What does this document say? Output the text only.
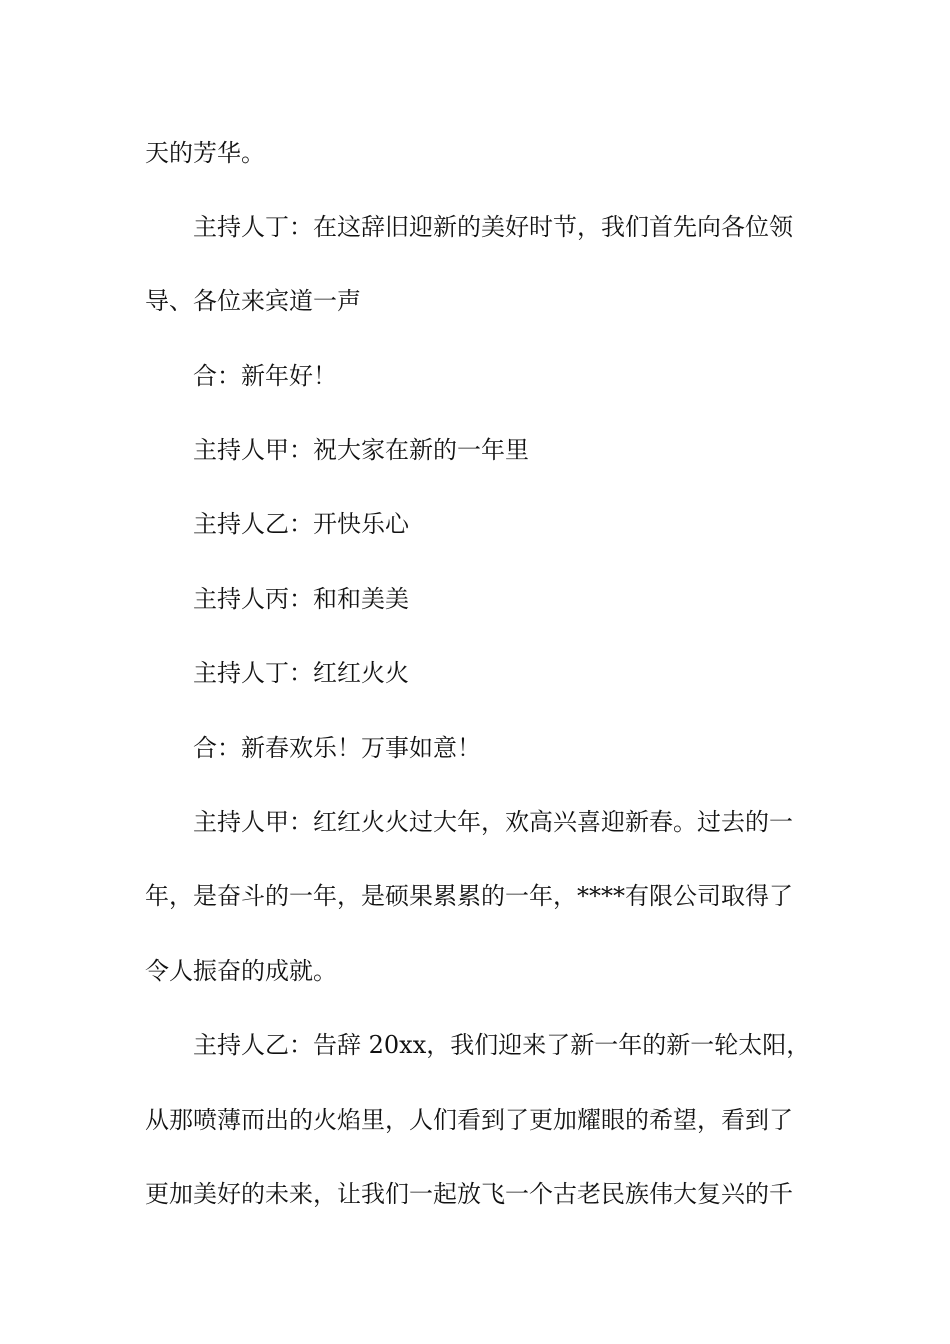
天的芳华。
主持人丁：在这辞旧迎新的美好时节，我们首先向各位领
导、各位来宾道一声
合：新年好！
主持人甲：祝大家在新的一年里
主持人乙：开快乐心
主持人丙：和和美美
主持人丁：红红火火
合：新春欢乐！万事如意！
主持人甲：红红火火过大年，欢高兴喜迎新春。过去的一
年，是奋斗的一年，是硕果累累的一年，****有限公司取得了
令人振奋的成就。
主持人乙：告辞 20xx，我们迎来了新一年的新一轮太阳，
从那喷薄而出的火焰里，人们看到了更加耀眼的希望，看到了
更加美好的未来，让我们一起放飞一个古老民族伟大复兴的千
